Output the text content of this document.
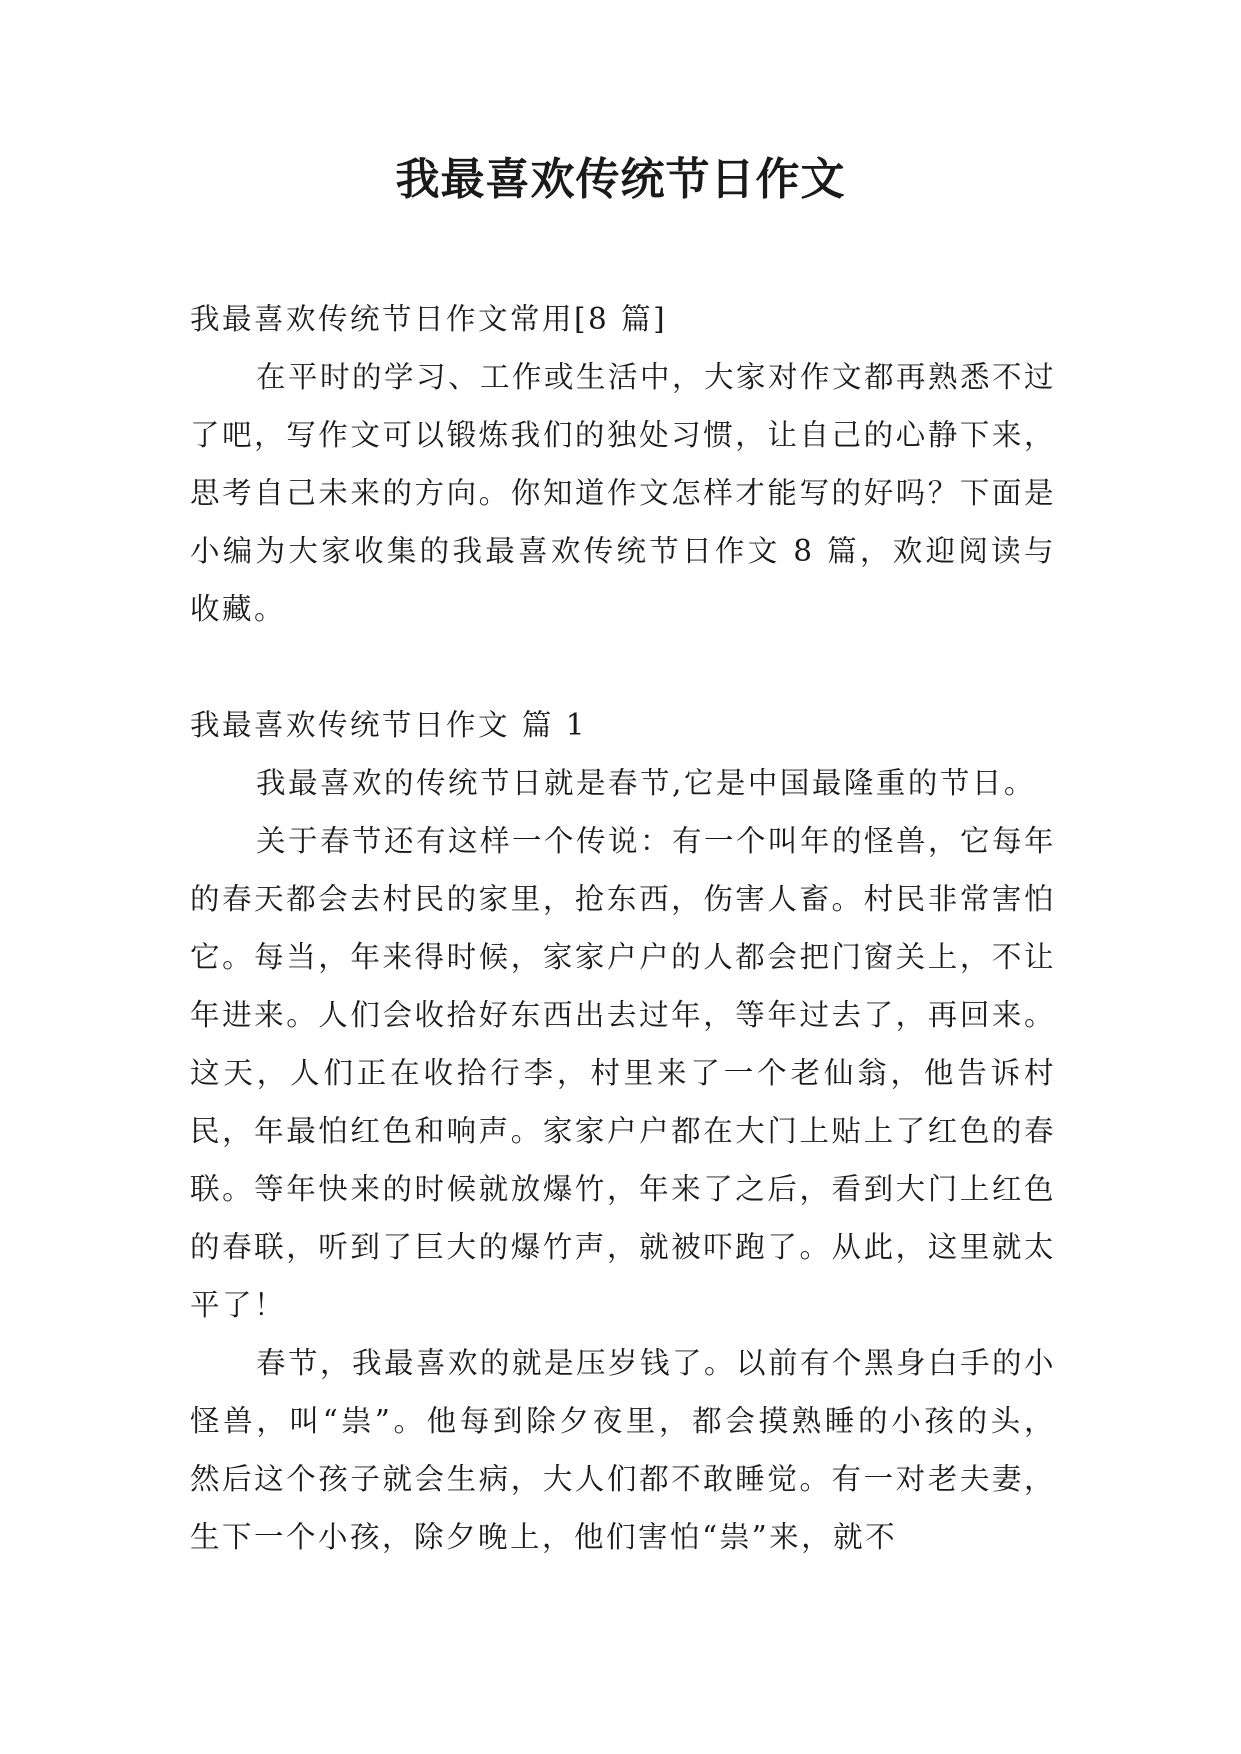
我最喜欢传统节日作文

我最喜欢传统节日作文常用[8 篇]

在平时的学习、工作或生活中，大家对作文都再熟悉不过了吧，写作文可以锻炼我们的独处习惯，让自己的心静下来，思考自己未来的方向。你知道作文怎样才能写的好吗？下面是小编为大家收集的我最喜欢传统节日作文 8 篇，欢迎阅读与收藏。

我最喜欢传统节日作文 篇 1

我最喜欢的传统节日就是春节,它是中国最隆重的节日。

关于春节还有这样一个传说：有一个叫年的怪兽，它每年的春天都会去村民的家里，抢东西，伤害人畜。村民非常害怕它。每当，年来得时候，家家户户的人都会把门窗关上，不让年进来。人们会收拾好东西出去过年，等年过去了，再回来。这天，人们正在收拾行李，村里来了一个老仙翁，他告诉村民，年最怕红色和响声。家家户户都在大门上贴上了红色的春联。等年快来的时候就放爆竹，年来了之后，看到大门上红色的春联，听到了巨大的爆竹声，就被吓跑了。从此，这里就太平了！

春节，我最喜欢的就是压岁钱了。以前有个黑身白手的小怪兽，叫“祟”。他每到除夕夜里，都会摸熟睡的小孩的头，然后这个孩子就会生病，大人们都不敢睡觉。有一对老夫妻，生下一个小孩，除夕晚上，他们害怕“祟”来，就不
